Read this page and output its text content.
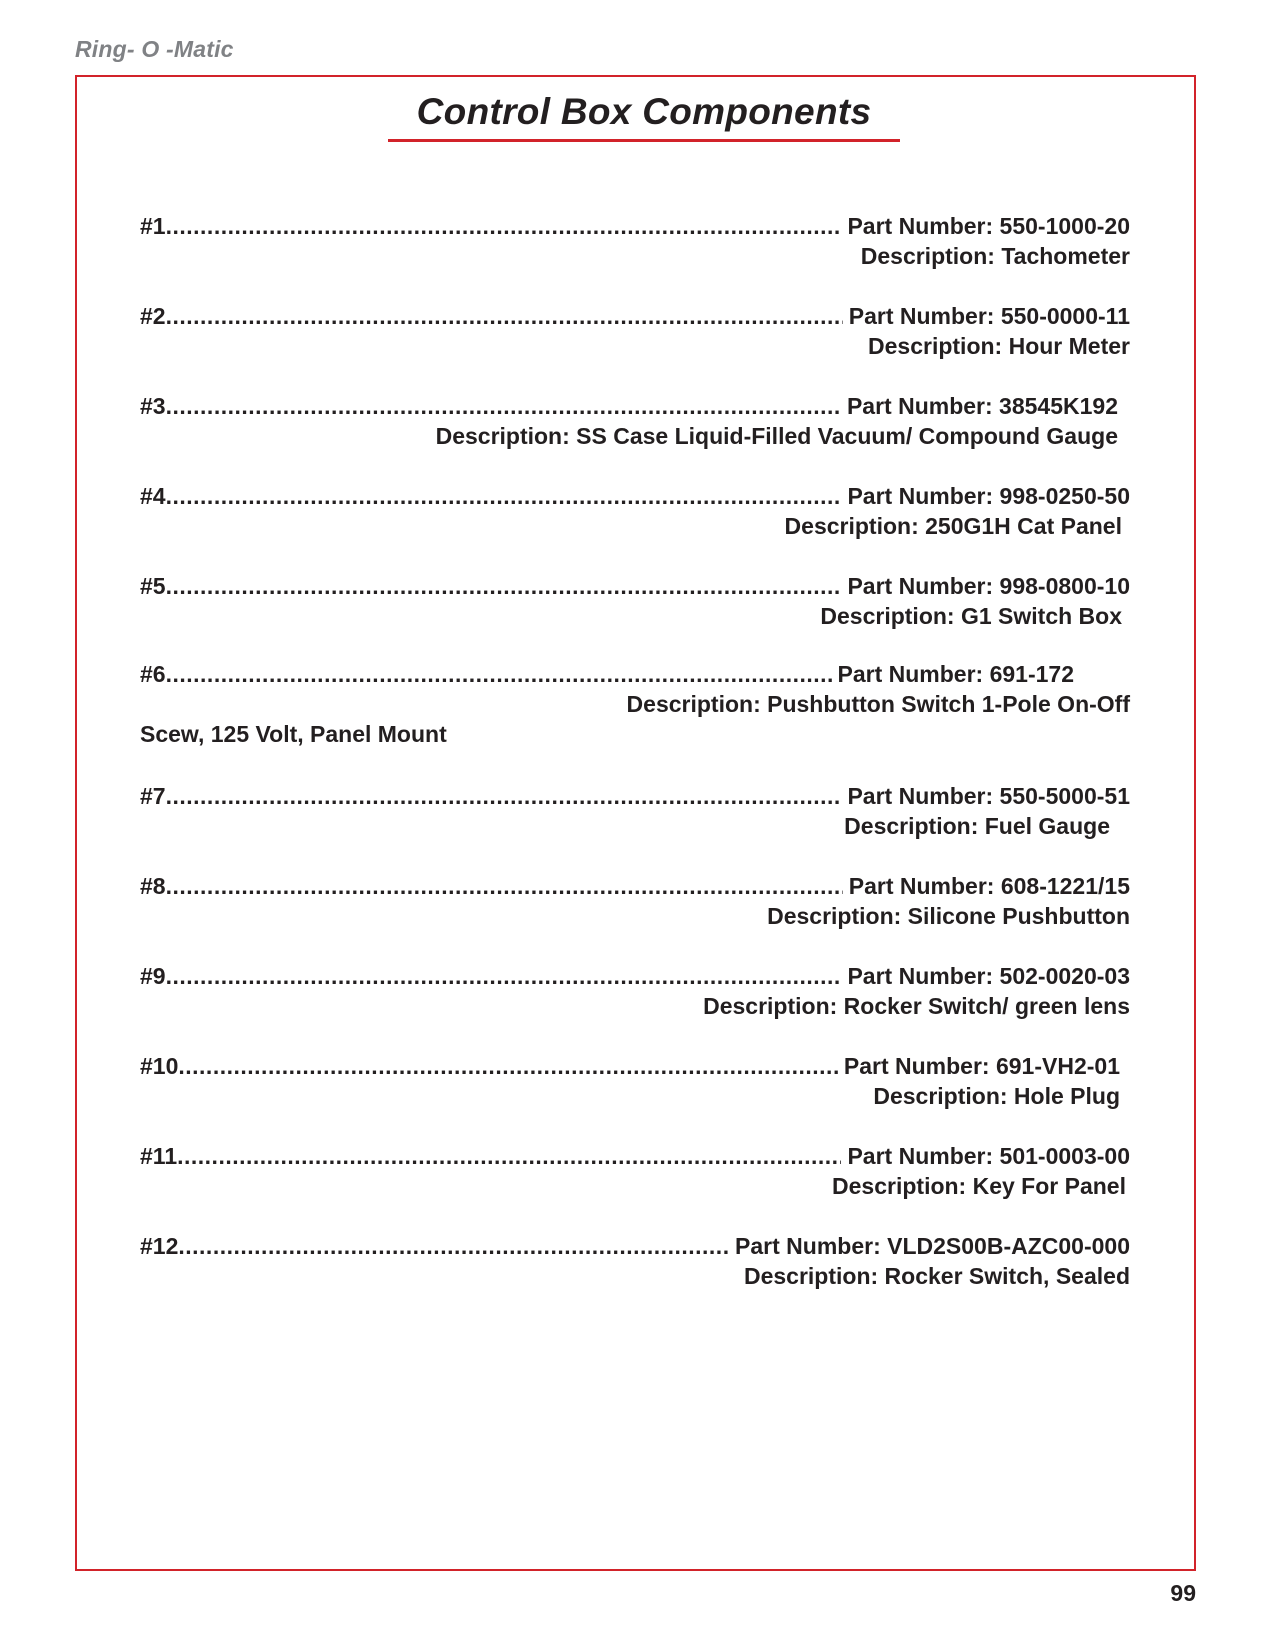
Ring- O -Matic
Control Box Components
#1 .....	Part Number: 550-1000-20
Description: Tachometer
#2 .....	Part Number: 550-0000-11
Description: Hour Meter
#3 .....	Part Number: 38545K192
Description: SS Case Liquid-Filled Vacuum/ Compound Gauge
#4 .....	Part Number: 998-0250-50
Description: 250G1H Cat Panel
#5 .....	Part Number: 998-0800-10
Description: G1 Switch Box
#6 .....	Part Number: 691-172
Description: Pushbutton Switch 1-Pole On-Off
Scew, 125 Volt, Panel Mount
#7 .....	Part Number: 550-5000-51
Description: Fuel Gauge
#8 .....	Part Number: 608-1221/15
Description: Silicone Pushbutton
#9 .....	Part Number: 502-0020-03
Description: Rocker Switch/ green lens
#10 .....	Part Number: 691-VH2-01
Description: Hole Plug
#11 .....	Part Number: 501-0003-00
Description: Key For Panel
#12 .....	Part Number: VLD2S00B-AZC00-000
Description: Rocker Switch, Sealed
99
